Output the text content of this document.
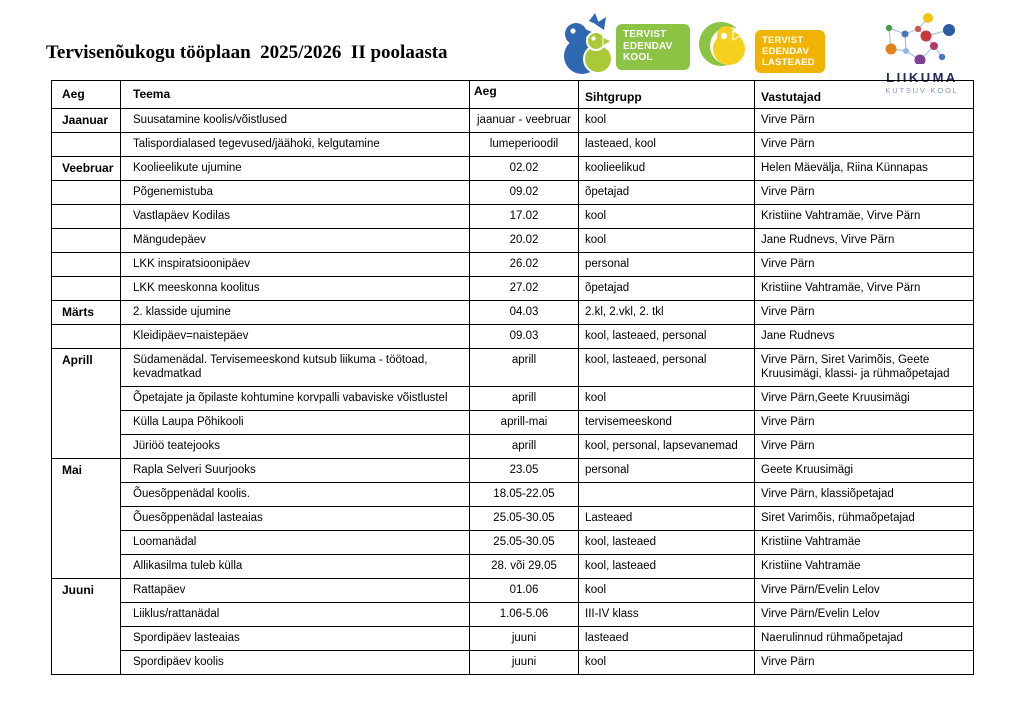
Tervisenõukogu tööplaan  2025/2026  II poolaasta
TERVIST
EDENDAV
KOOL
TERVIST
EDENDAV
LASTEAED
LIIKUMA
KUTSUV KOOL
Aeg	Teema	Aeg	Sihtgrupp	Vastutajad
Jaanuar	Suusatamine koolis/võistlused	jaanuar - veebruar	kool	Virve Pärn
	Talispordialased tegevused/jäähoki, kelgutamine	lumeperioodil	lasteaed, kool	Virve Pärn
Veebruar	Koolieelikute ujumine	02.02	koolieelikud	Helen Mäevälja, Riina Künnapas
	Põgenemistuba	09.02	õpetajad	Virve Pärn
	Vastlapäev Kodilas	17.02	kool	Kristiine Vahtramäe, Virve Pärn
	Mängudepäev	20.02	kool	Jane Rudnevs, Virve Pärn
	LKK inspiratsioonipäev	26.02	personal	Virve Pärn
	LKK meeskonna koolitus	27.02	õpetajad	Kristiine Vahtramäe, Virve Pärn
Märts	2. klasside ujumine	04.03	2.kl, 2.vkl, 2. tkl	Virve Pärn
	Kleidipäev=naistepäev	09.03	kool, lasteaed, personal	Jane Rudnevs
Aprill	Südamenädal. Tervisemeeskond kutsub liikuma - töötoad, kevadmatkad	aprill	kool, lasteaed, personal	Virve Pärn, Siret Varimõis, Geete Kruusimägi, klassi- ja rühmaõpetajad
	Õpetajate ja õpilaste kohtumine korvpalli vabaviske võistlustel	aprill	kool	Virve Pärn,Geete Kruusimägi
	Külla Laupa Põhikooli	aprill-mai	tervisemeeskond	Virve Pärn
	Jüriöö teatejooks	aprill	kool, personal, lapsevanemad	Virve Pärn
Mai	Rapla Selveri Suurjooks	23.05	personal	Geete Kruusimägi
	Õuesõppenädal koolis.	18.05-22.05		Virve Pärn, klassiõpetajad
	Õuesõppenädal lasteaias	25.05-30.05	Lasteaed	Siret Varimõis, rühmaõpetajad
	Loomanädal	25.05-30.05	kool, lasteaed	Kristiine Vahtramäe
	Allikasilma tuleb külla	28. või 29.05	kool, lasteaed	Kristiine Vahtramäe
Juuni	Rattapäev	01.06	kool	Virve Pärn/Evelin Lelov
	Liiklus/rattanädal	1.06-5.06	III-IV klass	Virve Pärn/Evelin Lelov
	Spordipäev lasteaias	juuni	lasteaed	Naerulinnud rühmaõpetajad
	Spordipäev koolis	juuni	kool	Virve Pärn
